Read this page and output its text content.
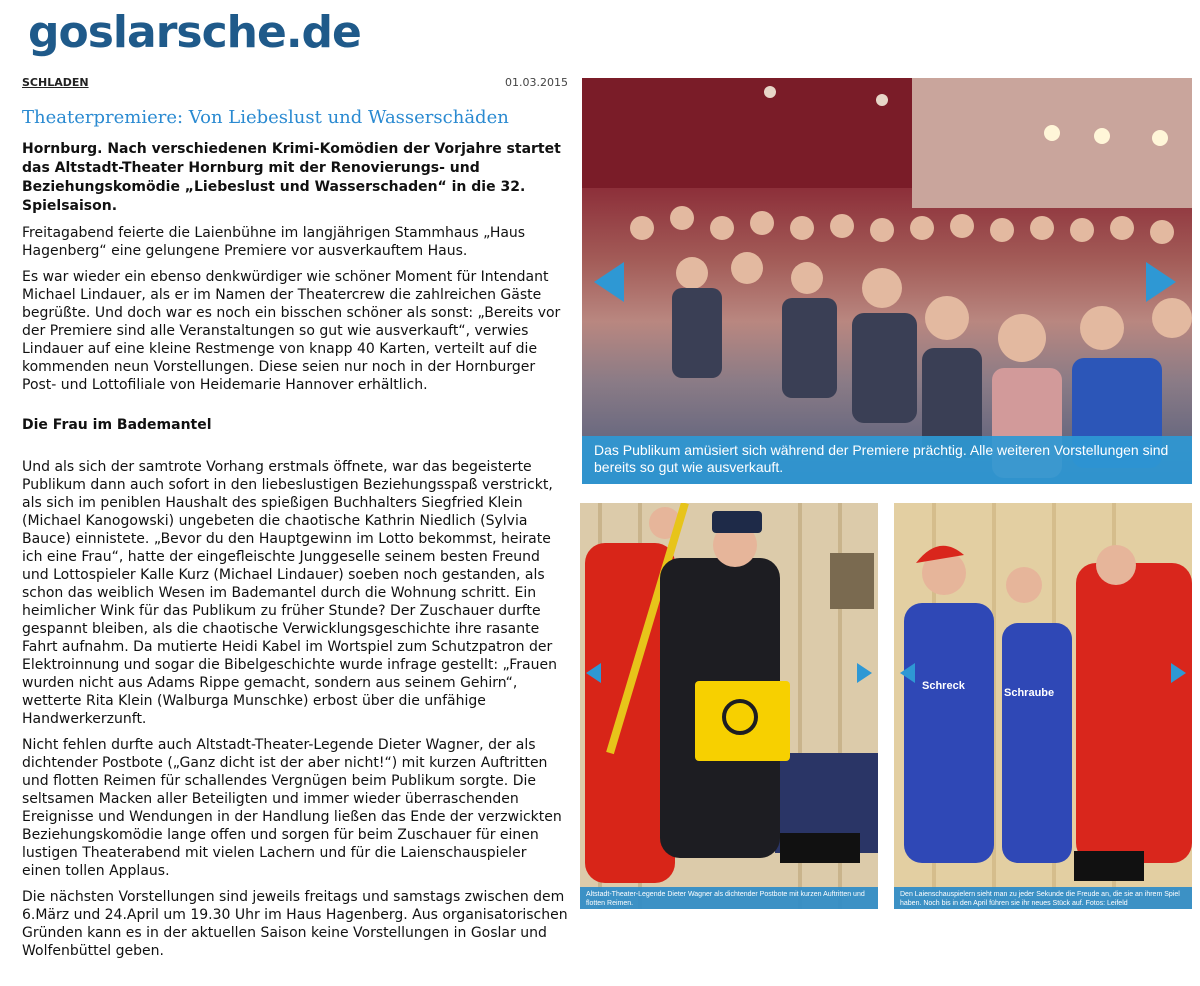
goslarsche.de
SCHLADEN	01.03.2015
Theaterpremiere: Von Liebeslust und Wasserschäden

Hornburg. Nach verschiedenen Krimi-Komödien der Vorjahre startet das Altstadt-Theater Hornburg mit der Renovierungs- und Beziehungskomödie „Liebeslust und Wasserschaden“ in die 32. Spielsaison.

Freitagabend feierte die Laienbühne im langjährigen Stammhaus „Haus Hagenberg“ eine gelungene Premiere vor ausverkauftem Haus.

Es war wieder ein ebenso denkwürdiger wie schöner Moment für Intendant Michael Lindauer, als er im Namen der Theatercrew die zahlreichen Gäste begrüßte. Und doch war es noch ein bisschen schöner als sonst: „Bereits vor der Premiere sind alle Veranstaltungen so gut wie ausverkauft“, verwies Lindauer auf eine kleine Restmenge von knapp 40 Karten, verteilt auf die kommenden neun Vorstellungen. Diese seien nur noch in der Hornburger Post- und Lottofiliale von Heidemarie Hannover erhältlich.

Die Frau im Bademantel

Und als sich der samtrote Vorhang erstmals öffnete, war das begeisterte Publikum dann auch sofort in den liebeslustigen Beziehungsspaß verstrickt, als sich im peniblen Haushalt des spießigen Buchhalters Siegfried Klein (Michael Kanogowski) ungebeten die chaotische Kathrin Niedlich (Sylvia Bauce) einnistete. „Bevor du den Hauptgewinn im Lotto bekommst, heirate ich eine Frau“, hatte der eingefleischte Junggeselle seinem besten Freund und Lottospieler Kalle Kurz (Michael Lindauer) soeben noch gestanden, als schon das weiblich Wesen im Bademantel durch die Wohnung schritt. Ein heimlicher Wink für das Publikum zu früher Stunde? Der Zuschauer durfte gespannt bleiben, als die chaotische Verwicklungsgeschichte ihre rasante Fahrt aufnahm. Da mutierte Heidi Kabel im Wortspiel zum Schutzpatron der Elektroinnung und sogar die Bibelgeschichte wurde infrage gestellt: „Frauen wurden nicht aus Adams Rippe gemacht, sondern aus seinem Gehirn“, wetterte Rita Klein (Walburga Munschke) erbost über die unfähige Handwerkerzunft.

Nicht fehlen durfte auch Altstadt-Theater-Legende Dieter Wagner, der als dichtender Postbote („Ganz dicht ist der aber nicht!“) mit kurzen Auftritten und flotten Reimen für schallendes Vergnügen beim Publikum sorgte. Die seltsamen Macken aller Beteiligten und immer wieder überraschenden Ereignisse und Wendungen in der Handlung ließen das Ende der verzwickten Beziehungskomödie lange offen und sorgen für beim Zuschauer für einen lustigen Theaterabend mit vielen Lachern und für die Laienschauspieler einen tollen Applaus.

Die nächsten Vorstellungen sind jeweils freitags und samstags zwischen dem 6.März und 24.April um 19.30 Uhr im Haus Hagenberg. Aus organisatorischen Gründen kann es in der aktuellen Saison keine Vorstellungen in Goslar und Wolfenbüttel geben.

Das Publikum amüsiert sich während der Premiere prächtig. Alle weiteren Vorstellungen sind bereits so gut wie ausverkauft.
Altstadt-Theater-Legende Dieter Wagner als dichtender Postbote mit kurzen Auftritten und flotten Reimen.
Schreck
Schraube
Den Laienschauspielern sieht man zu jeder Sekunde die Freude an, die sie an ihrem Spiel haben. Noch bis in den April führen sie ihr neues Stück auf. Fotos: Leifeld
